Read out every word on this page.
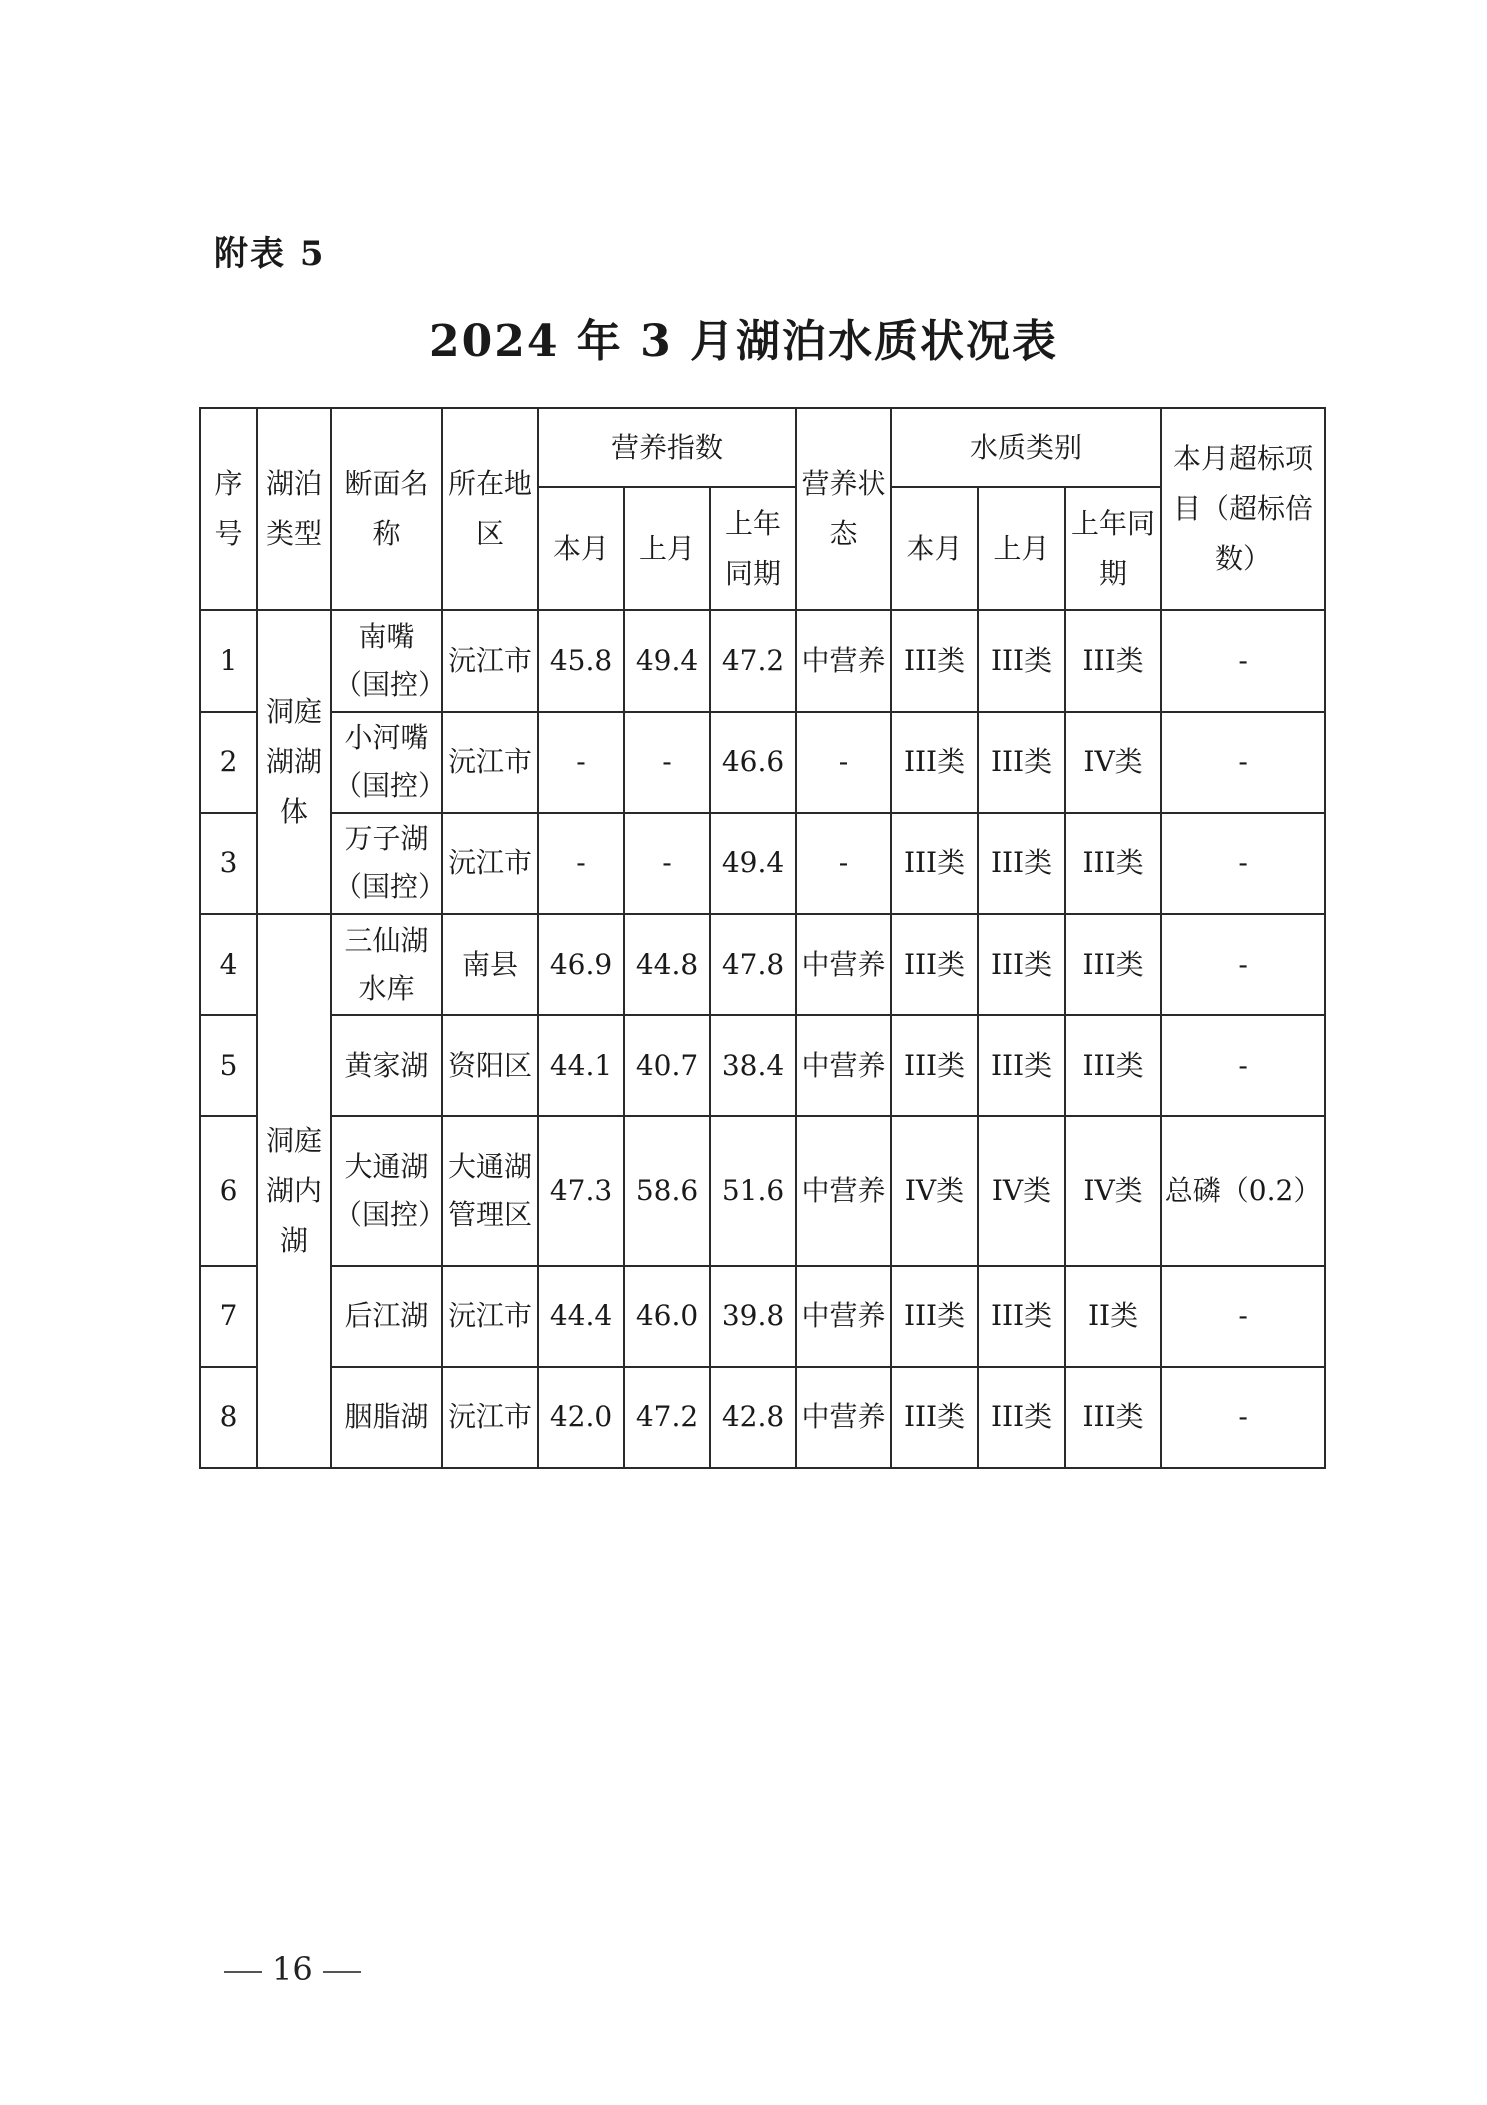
附表 5
2024 年 3 月湖泊水质状况表
序号	湖泊类型	断面名称	所在地区	营养指数			营养状态	水质类别			本月超标项目（超标倍数）
				本月	上月	上年同期		本月	上月	上年同期	
1	洞庭湖湖体	南嘴（国控）	沅江市	45.8	49.4	47.2	中营养	III类	III类	III类	-
2		小河嘴（国控）	沅江市	-	-	46.6	-	III类	III类	IV类	-
3		万子湖（国控）	沅江市	-	-	49.4	-	III类	III类	III类	-
4	洞庭湖内湖	三仙湖水库	南县	46.9	44.8	47.8	中营养	III类	III类	III类	-
5		黄家湖	资阳区	44.1	40.7	38.4	中营养	III类	III类	III类	-
6		大通湖（国控）	大通湖管理区	47.3	58.6	51.6	中营养	IV类	IV类	IV类	总磷（0.2）
7		后江湖	沅江市	44.4	46.0	39.8	中营养	III类	III类	II类	-
8		胭脂湖	沅江市	42.0	47.2	42.8	中营养	III类	III类	III类	-
16
